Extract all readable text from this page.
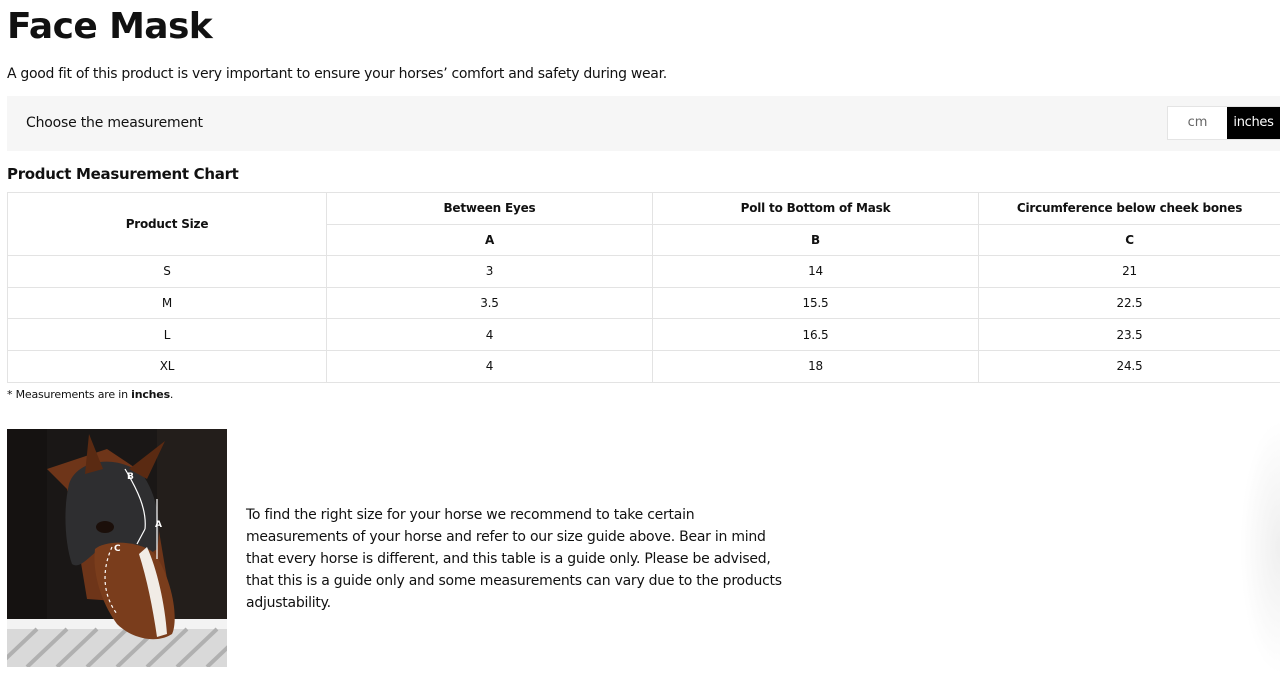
Face Mask

A good fit of this product is very important to ensure your horses’ comfort and safety during wear.

Choose the measurement	cm	inches
Product Measurement Chart
Product Size	Between Eyes	Poll to Bottom of Mask	Circumference below cheek bones
	A	B	C
S	3	14	21
M	3.5	15.5	22.5
L	4	16.5	23.5
XL	4	18	24.5
* Measurements are in inches.
B
A
C

To find the right size for your horse we recommend to take certain measurements of your horse and refer to our size guide above. Bear in mind that every horse is different, and this table is a guide only. Please be advised, that this is a guide only and some measurements can vary due to the products adjustability.
